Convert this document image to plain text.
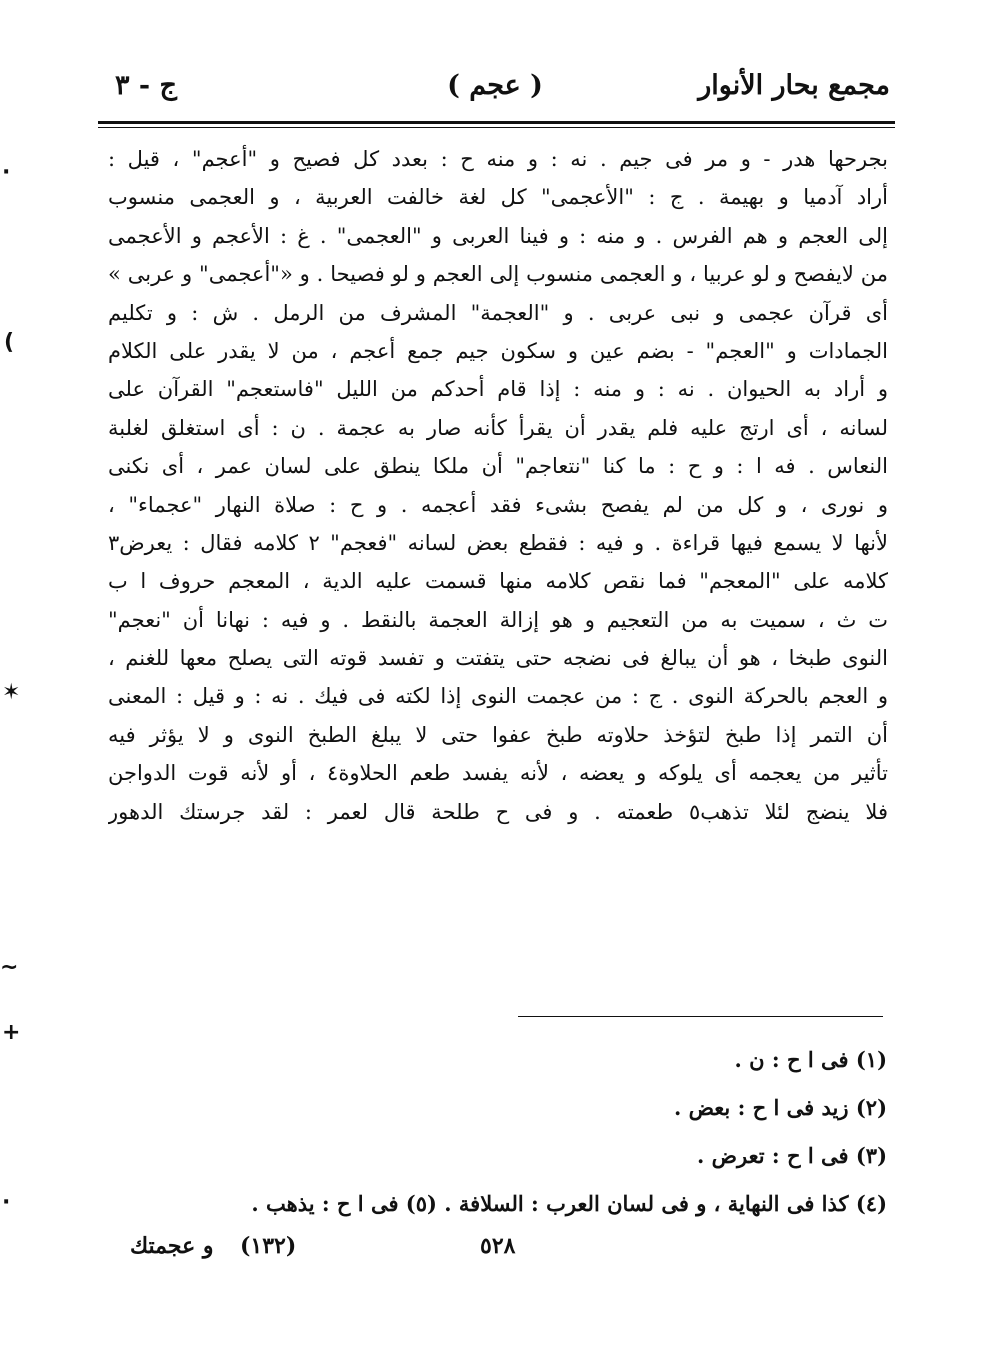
مجمع بحار الأنوار
( عجم )
ج - ٣
بجرحها هدر - و مر فى جيم . نه : و منه ح : بعدد كل فصيح و "أعجم" ، قيل :
أراد آدميا و بهيمة . ج : "الأعجمى" كل لغة خالفت العربية ، و العجمى منسوب
إلى العجم و هم الفرس . و منه : و فينا العربى و "العجمى" . غ : الأعجم و الأعجمى
من لايفصح و لو عربيا ، و العجمى منسوب إلى العجم و لو فصيحا . و «"أعجمى" و عربى »
أى قرآن عجمى و نبى عربى . و "العجمة" المشرف من الرمل . ش : و تكليم
الجمادات و "العجم" - بضم عين و سكون جيم جمع أعجم ، من لا يقدر على الكلام
و أراد به الحيوان . نه : و منه : إذا قام أحدكم من الليل "فاستعجم" القرآن على
لسانه ، أى ارتج عليه فلم يقدر أن يقرأ كأنه صار به عجمة . ن : أى استغلق لغلبة
النعاس . فه ا : و ح : ما كنا "نتعاجم" أن ملكا ينطق على لسان عمر ، أى نكنى
و نورى ، و كل من لم يفصح بشىء فقد أعجمه . و ح : صلاة النهار "عجماء" ،
لأنها لا يسمع فيها قراءة . و فيه : فقطع بعض لسانه "فعجم" ٢ كلامه فقال : يعرض٣
كلامه على "المعجم" فما نقص كلامه منها قسمت عليه الدية ، المعجم حروف ا ب
ت ث ، سميت به من التعجيم و هو إزالة العجمة بالنقط . و فيه : نهانا أن "نعجم"
النوى طبخا ، هو أن يبالغ فى نضجه حتى يتفتت و تفسد قوته التى يصلح معها للغنم ،
و العجم بالحركة النوى . ج : من عجمت النوى إذا لكته فى فيك . نه : و قيل : المعنى
أن التمر إذا طبخ لتؤخذ حلاوته طبخ عفوا حتى لا يبلغ الطبخ النوى و لا يؤثر فيه
تأثير من يعجمه أى يلوكه و يعضه ، لأنه يفسد طعم الحلاوة٤ ، أو لأنه قوت الدواجن
فلا ينضج لئلا تذهب٥ طعمته . و فى ح طلحة قال لعمر : لقد جرستك الدهور
(١) فى ا ح : ن .
(٢) زيد فى ا ح : بعض .
(٣) فى ا ح : تعرض .
(٤) كذا فى النهاية ، و فى لسان العرب : السلافة . (٥) فى ا ح : يذهب .
٥٢٨
(١٣٢)
و عجمتك
·
(
✶
~
+
·
